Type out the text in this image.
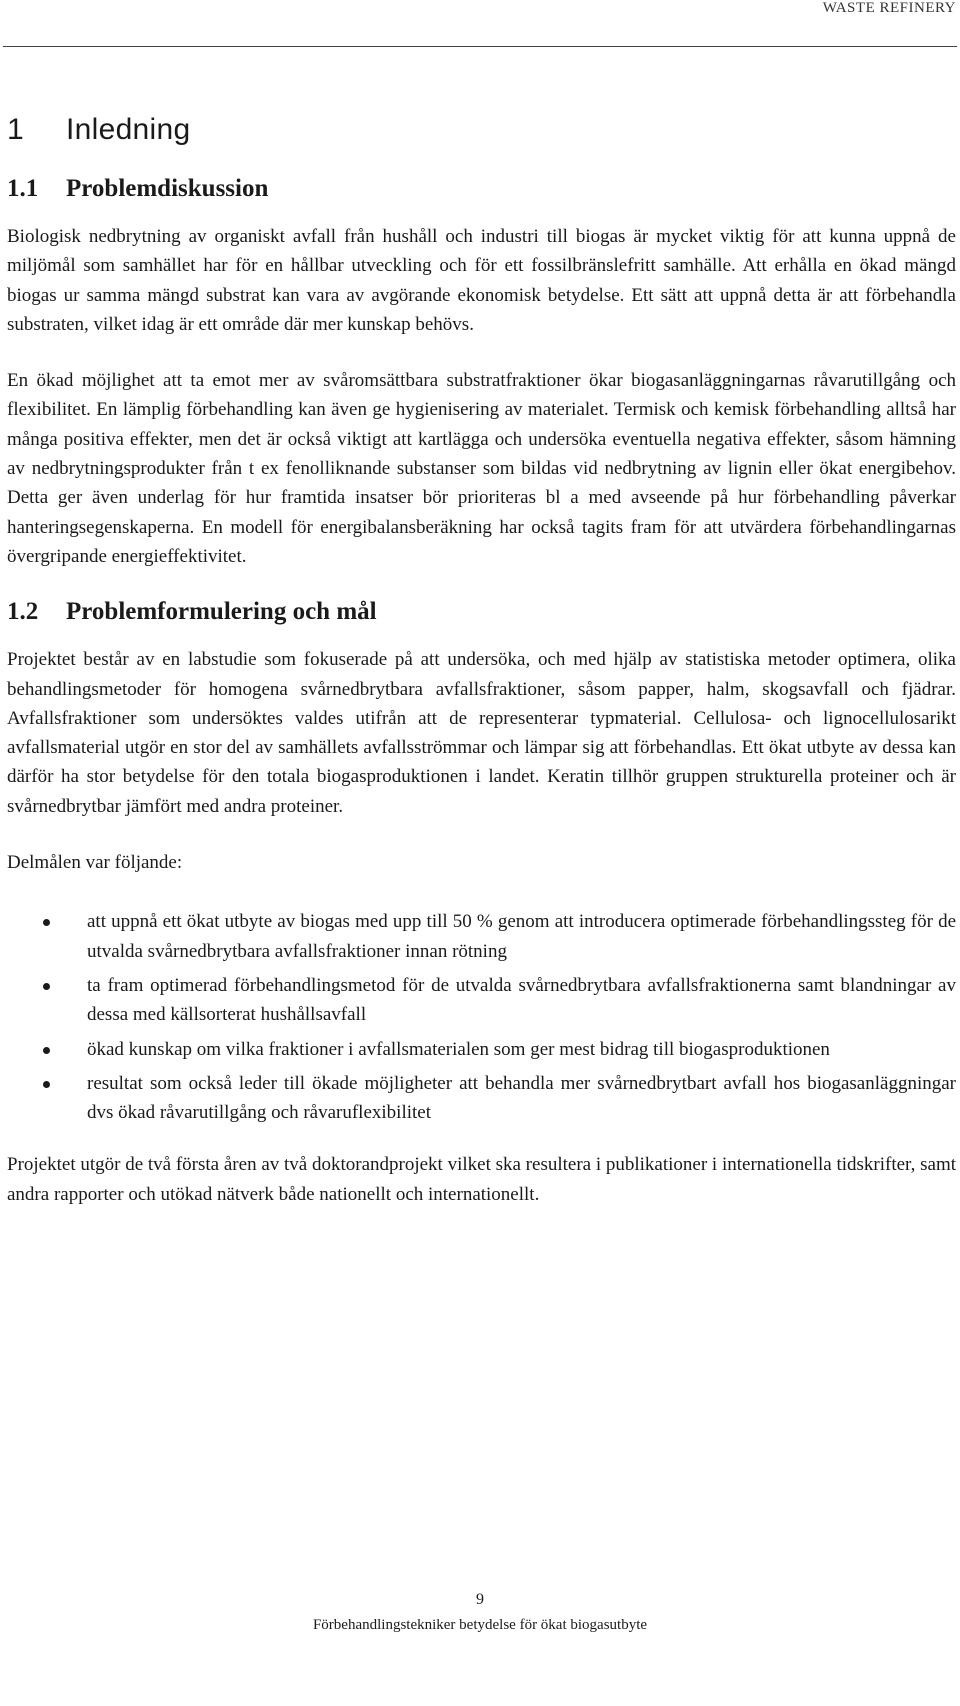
WASTE REFINERY
1 Inledning
1.1 Problemdiskussion

Biologisk nedbrytning av organiskt avfall från hushåll och industri till biogas är mycket viktig för att kunna uppnå de miljömål som samhället har för en hållbar utveckling och för ett fossilbränslefritt samhälle. Att erhålla en ökad mängd biogas ur samma mängd substrat kan vara av avgörande ekonomisk betydelse. Ett sätt att uppnå detta är att förbehandla substraten, vilket idag är ett område där mer kunskap behövs.

En ökad möjlighet att ta emot mer av svåromsättbara substratfraktioner ökar biogasanläggningarnas råvarutillgång och flexibilitet. En lämplig förbehandling kan även ge hygienisering av materialet. Termisk och kemisk förbehandling alltså har många positiva effekter, men det är också viktigt att kartlägga och undersöka eventuella negativa effekter, såsom hämning av nedbrytningsprodukter från t ex fenolliknande substanser som bildas vid nedbrytning av lignin eller ökat energibehov. Detta ger även underlag för hur framtida insatser bör prioriteras bl a med avseende på hur förbehandling påverkar hanteringsegenskaperna. En modell för energibalansberäkning har också tagits fram för att utvärdera förbehandlingarnas övergripande energieffektivitet.

1.2 Problemformulering och mål

Projektet består av en labstudie som fokuserade på att undersöka, och med hjälp av statistiska metoder optimera, olika behandlingsmetoder för homogena svårnedbrytbara avfallsfraktioner, såsom papper, halm, skogsavfall och fjädrar. Avfallsfraktioner som undersöktes valdes utifrån att de representerar typmaterial. Cellulosa- och lignocellulosarikt avfallsmaterial utgör en stor del av samhällets avfallsströmmar och lämpar sig att förbehandlas. Ett ökat utbyte av dessa kan därför ha stor betydelse för den totala biogasproduktionen i landet. Keratin tillhör gruppen strukturella proteiner och är svårnedbrytbar jämfört med andra proteiner.

Delmålen var följande:

att uppnå ett ökat utbyte av biogas med upp till 50 % genom att introducera optimerade förbehandlingssteg för de utvalda svårnedbrytbara avfallsfraktioner innan rötning
ta fram optimerad förbehandlingsmetod för de utvalda svårnedbrytbara avfallsfraktionerna samt blandningar av dessa med källsorterat hushållsavfall
ökad kunskap om vilka fraktioner i avfallsmaterialen som ger mest bidrag till biogasproduktionen
resultat som också leder till ökade möjligheter att behandla mer svårnedbrytbart avfall hos biogasanläggningar dvs ökad råvarutillgång och råvaruflexibilitet

Projektet utgör de två första åren av två doktorandprojekt vilket ska resultera i publikationer i internationella tidskrifter, samt andra rapporter och utökad nätverk både nationellt och internationellt.

9
Förbehandlingstekniker betydelse för ökat biogasutbyte
